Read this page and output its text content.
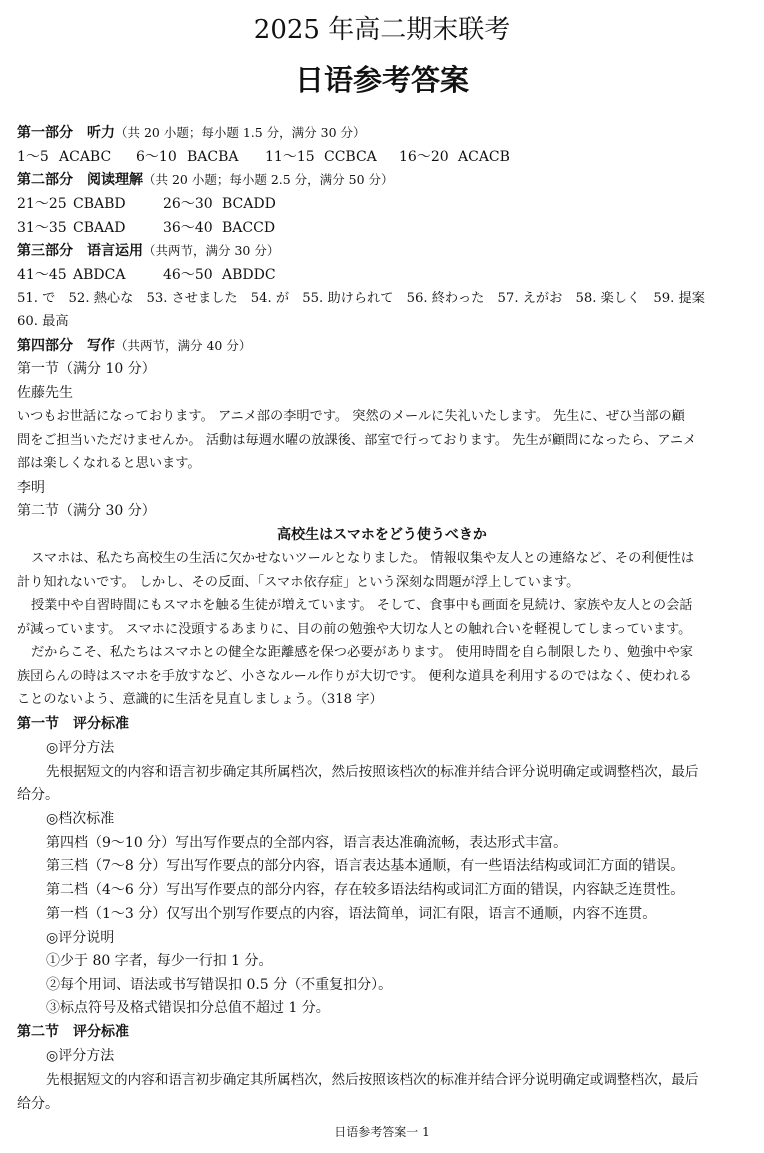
2025 年高二期末联考
日语参考答案
第一部分　听力（共 20 小题；每小题 1.5 分，满分 30 分）
1～5 ACABC 6～10 BACBA 11～15 CCBCA 16～20 ACACB
第二部分　阅读理解（共 20 小题；每小题 2.5 分，满分 50 分）
21～25 CBABD	26～30 BCADD
31～35 CBAAD	36～40 BACCD
第三部分　语言运用（共两节，满分 30 分）
41～45 ABDCA	46～50 ABDDC
51. で　52. 熱心な　53. させました　54. が　55. 助けられて　56. 終わった　57. えがお　58. 楽しく　59. 提案
60. 最高
第四部分　写作（共两节，满分 40 分）
第一节（满分 10 分）
佐藤先生
いつもお世話になっております。 アニメ部の李明です。 突然のメールに失礼いたします。 先生に、ぜひ当部の顧
問をご担当いただけませんか。 活動は毎週水曜の放課後、部室で行っております。 先生が顧問になったら、アニメ
部は楽しくなれると思います。
李明
第二节（满分 30 分）
高校生はスマホをどう使うべきか
スマホは、私たち高校生の生活に欠かせないツールとなりました。 情報収集や友人との連絡など、その利便性は
計り知れないです。 しかし、その反面、「スマホ依存症」という深刻な問題が浮上しています。
授業中や自習時間にもスマホを触る生徒が増えています。 そして、食事中も画面を見続け、家族や友人との会話
が減っています。 スマホに没頭するあまりに、目の前の勉強や大切な人との触れ合いを軽視してしまっています。
だからこそ、私たちはスマホとの健全な距離感を保つ必要があります。 使用時間を自ら制限したり、勉強中や家
族団らんの時はスマホを手放すなど、小さなルール作りが大切です。 便利な道具を利用するのではなく、使われる
ことのないよう、意識的に生活を見直しましょう。（318 字）
第一节　评分标准
◎评分方法
先根据短文的内容和语言初步确定其所属档次，然后按照该档次的标准并结合评分说明确定或调整档次，最后
给分。
◎档次标准
第四档（9～10 分）写出写作要点的全部内容，语言表达准确流畅，表达形式丰富。
第三档（7～8 分）写出写作要点的部分内容，语言表达基本通顺，有一些语法结构或词汇方面的错误。
第二档（4～6 分）写出写作要点的部分内容，存在较多语法结构或词汇方面的错误，内容缺乏连贯性。
第一档（1～3 分）仅写出个别写作要点的内容，语法简单，词汇有限，语言不通顺，内容不连贯。
◎评分说明
①少于 80 字者，每少一行扣 1 分。
②每个用词、语法或书写错误扣 0.5 分（不重复扣分）。
③标点符号及格式错误扣分总值不超过 1 分。
第二节　评分标准
◎评分方法
先根据短文的内容和语言初步确定其所属档次，然后按照该档次的标准并结合评分说明确定或调整档次，最后
给分。
日语参考答案一 1
